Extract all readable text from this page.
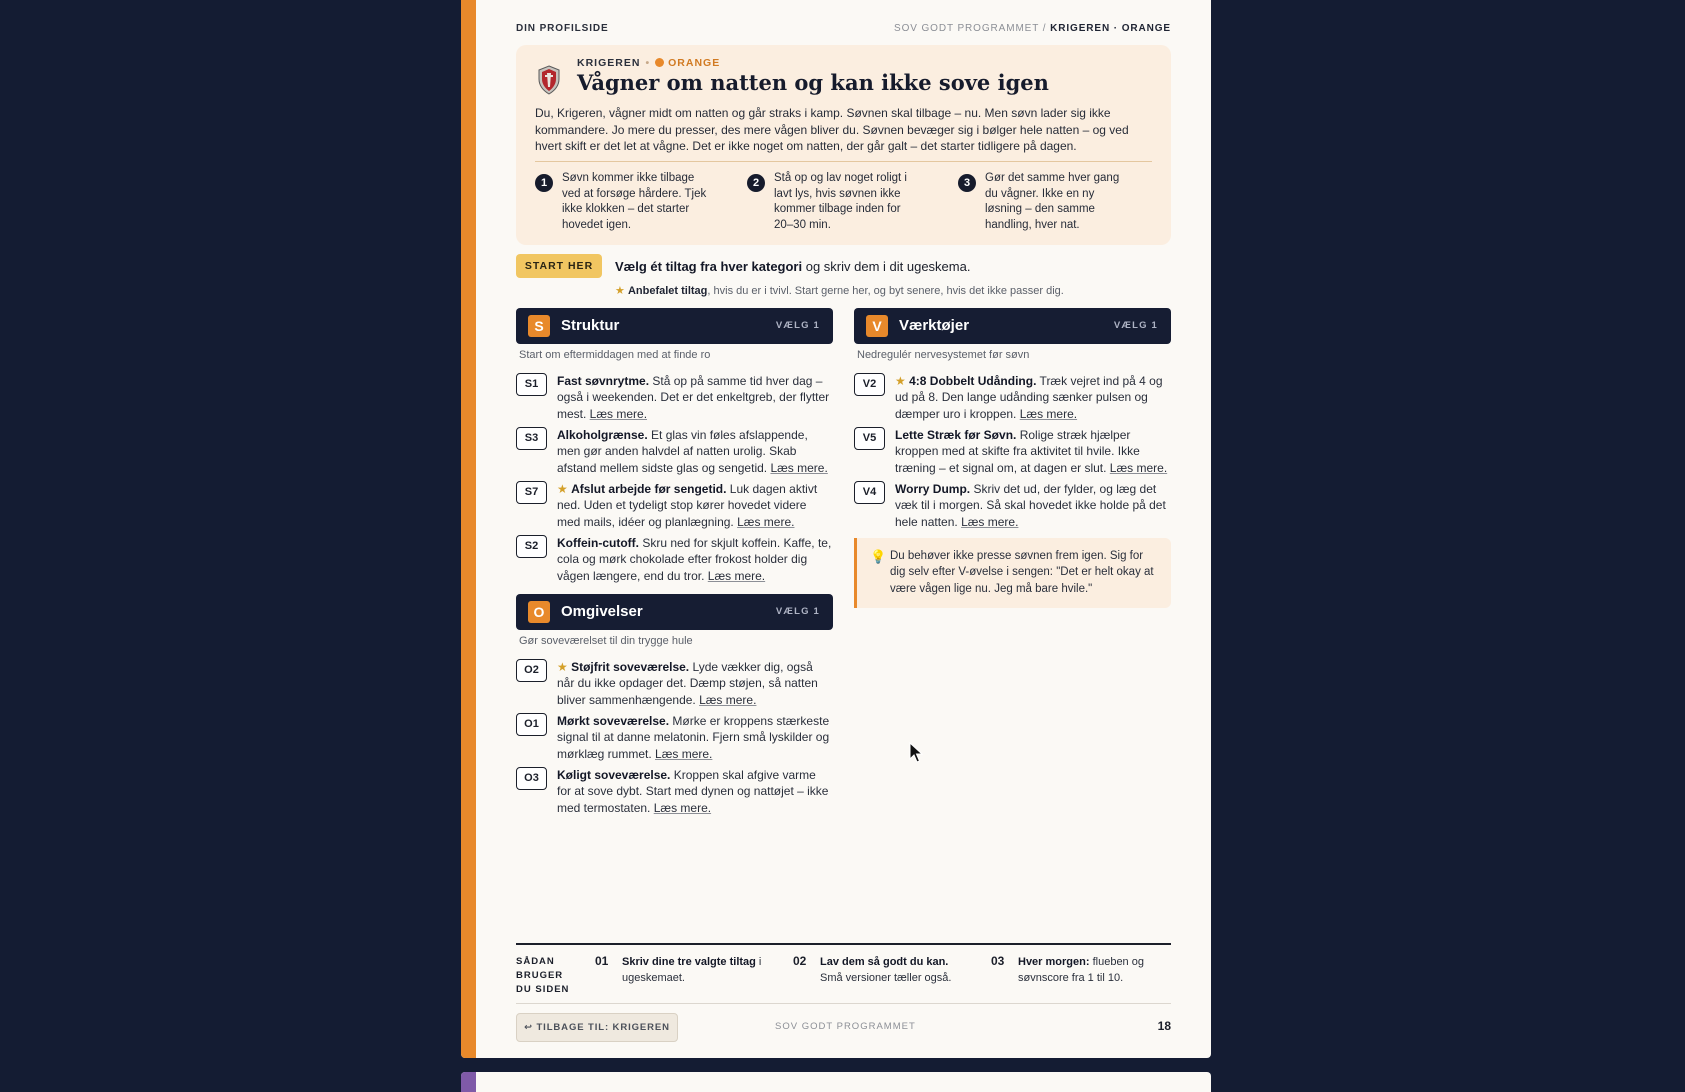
DIN PROFILSIDE	SOV GODT PROGRAMMET / KRIGEREN · ORANGE
KRIGEREN • ORANGE
Vågner om natten og kan ikke sove igen
Du, Krigeren, vågner midt om natten og går straks i kamp. Søvnen skal tilbage – nu. Men søvn lader sig ikke kommandere. Jo mere du presser, des mere vågen bliver du. Søvnen bevæger sig i bølger hele natten – og ved hvert skift er det let at vågne. Det er ikke noget om natten, der går galt – det starter tidligere på dagen.
1	Søvn kommer ikke tilbage ved at forsøge hårdere. Tjek ikke klokken – det starter hovedet igen.
2	Stå op og lav noget roligt i lavt lys, hvis søvnen ikke kommer tilbage inden for 20–30 min.
3	Gør det samme hver gang du vågner. Ikke en ny løsning – den samme handling, hver nat.
START HER	Vælg ét tiltag fra hver kategori og skriv dem i dit ugeskema.
★ Anbefalet tiltag, hvis du er i tvivl. Start gerne her, og byt senere, hvis det ikke passer dig.
S	Struktur	VÆLG 1
Start om eftermiddagen med at finde ro
S1	Fast søvnrytme. Stå op på samme tid hver dag – også i weekenden. Det er det enkeltgreb, der flytter mest. Læs mere.
S3	Alkoholgrænse. Et glas vin føles afslappende, men gør anden halvdel af natten urolig. Skab afstand mellem sidste glas og sengetid. Læs mere.
S7	★ Afslut arbejde før sengetid. Luk dagen aktivt ned. Uden et tydeligt stop kører hovedet videre med mails, idéer og planlægning. Læs mere.
S2	Koffein-cutoff. Skru ned for skjult koffein. Kaffe, te, cola og mørk chokolade efter frokost holder dig vågen længere, end du tror. Læs mere.
O	Omgivelser	VÆLG 1
Gør soveværelset til din trygge hule
O2	★ Støjfrit soveværelse. Lyde vækker dig, også når du ikke opdager det. Dæmp støjen, så natten bliver sammenhængende. Læs mere.
O1	Mørkt soveværelse. Mørke er kroppens stærkeste signal til at danne melatonin. Fjern små lyskilder og mørklæg rummet. Læs mere.
O3	Køligt soveværelse. Kroppen skal afgive varme for at sove dybt. Start med dynen og nattøjet – ikke med termostaten. Læs mere.
V	Værktøjer	VÆLG 1
Nedregulér nervesystemet før søvn
V2	★ 4:8 Dobbelt Udånding. Træk vejret ind på 4 og ud på 8. Den lange udånding sænker pulsen og dæmper uro i kroppen. Læs mere.
V5	Lette Stræk før Søvn. Rolige stræk hjælper kroppen med at skifte fra aktivitet til hvile. Ikke træning – et signal om, at dagen er slut. Læs mere.
V4	Worry Dump. Skriv det ud, der fylder, og læg det væk til i morgen. Så skal hovedet ikke holde på det hele natten. Læs mere.
💡 Du behøver ikke presse søvnen frem igen. Sig for dig selv efter V-øvelse i sengen: "Det er helt okay at være vågen lige nu. Jeg må bare hvile."
SÅDAN BRUGER DU SIDEN
01 Skriv dine tre valgte tiltag i ugeskemaet.
02 Lav dem så godt du kan. Små versioner tæller også.
03 Hver morgen: flueben og søvnscore fra 1 til 10.
↩ TILBAGE TIL: KRIGEREN	SOV GODT PROGRAMMET	18
